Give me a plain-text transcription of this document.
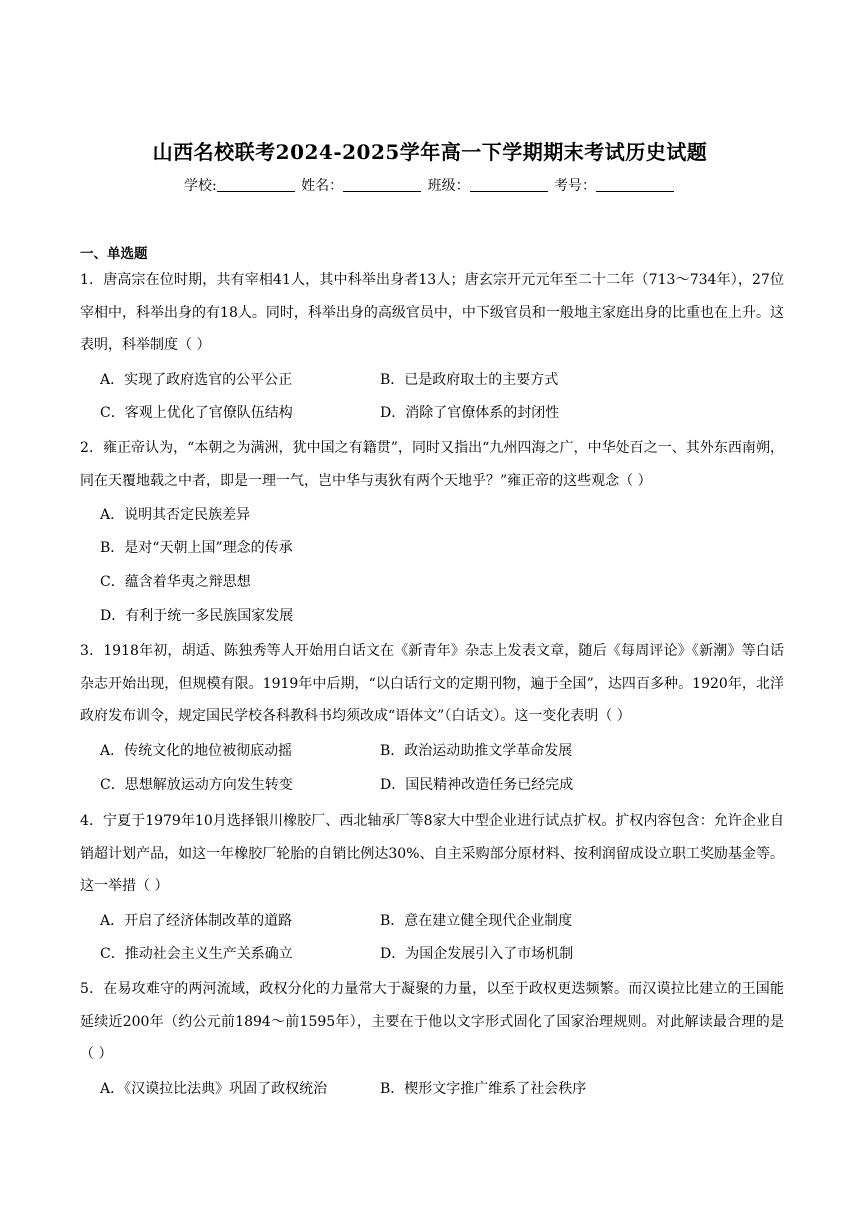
山西名校联考2024-2025学年高一下学期期末考试历史试题
学校:	姓名：	班级：	考号：
一、单选题
1．唐高宗在位时期，共有宰相41人，其中科举出身者13人；唐玄宗开元元年至二十二年（713～734年），27位宰相中，科举出身的有18人。同时，科举出身的高级官员中，中下级官员和一般地主家庭出身的比重也在上升。这表明，科举制度（ ）
A．实现了政府选官的公平公正	B．已是政府取士的主要方式
C．客观上优化了官僚队伍结构	D．消除了官僚体系的封闭性
2．雍正帝认为，“本朝之为满洲，犹中国之有籍贯”，同时又指出“九州四海之广，中华处百之一、其外东西南朔，同在天覆地载之中者，即是一理一气，岂中华与夷狄有两个天地乎？”雍正帝的这些观念（ ）
A．说明其否定民族差异
B．是对“天朝上国”理念的传承
C．蕴含着华夷之辩思想
D．有利于统一多民族国家发展
3．1918年初，胡适、陈独秀等人开始用白话文在《新青年》杂志上发表文章，随后《每周评论》《新潮》等白话杂志开始出现，但规模有限。1919年中后期，“以白话行文的定期刊物，遍于全国”，达四百多种。1920年，北洋政府发布训令，规定国民学校各科教科书均须改成“语体文”（白话文）。这一变化表明（ ）
A．传统文化的地位被彻底动摇	B．政治运动助推文学革命发展
C．思想解放运动方向发生转变	D．国民精神改造任务已经完成
4．宁夏于1979年10月选择银川橡胶厂、西北轴承厂等8家大中型企业进行试点扩权。扩权内容包含：允许企业自销超计划产品，如这一年橡胶厂轮胎的自销比例达30%、自主采购部分原材料、按利润留成设立职工奖励基金等。这一举措（ ）
A．开启了经济体制改革的道路	B．意在建立健全现代企业制度
C．推动社会主义生产关系确立	D．为国企发展引入了市场机制
5．在易攻难守的两河流域，政权分化的力量常大于凝聚的力量，以至于政权更迭频繁。而汉谟拉比建立的王国能延续近200年（约公元前1894～前1595年），主要在于他以文字形式固化了国家治理规则。对此解读最合理的是（ ）
A．《汉谟拉比法典》巩固了政权统治	B．楔形文字推广维系了社会秩序
